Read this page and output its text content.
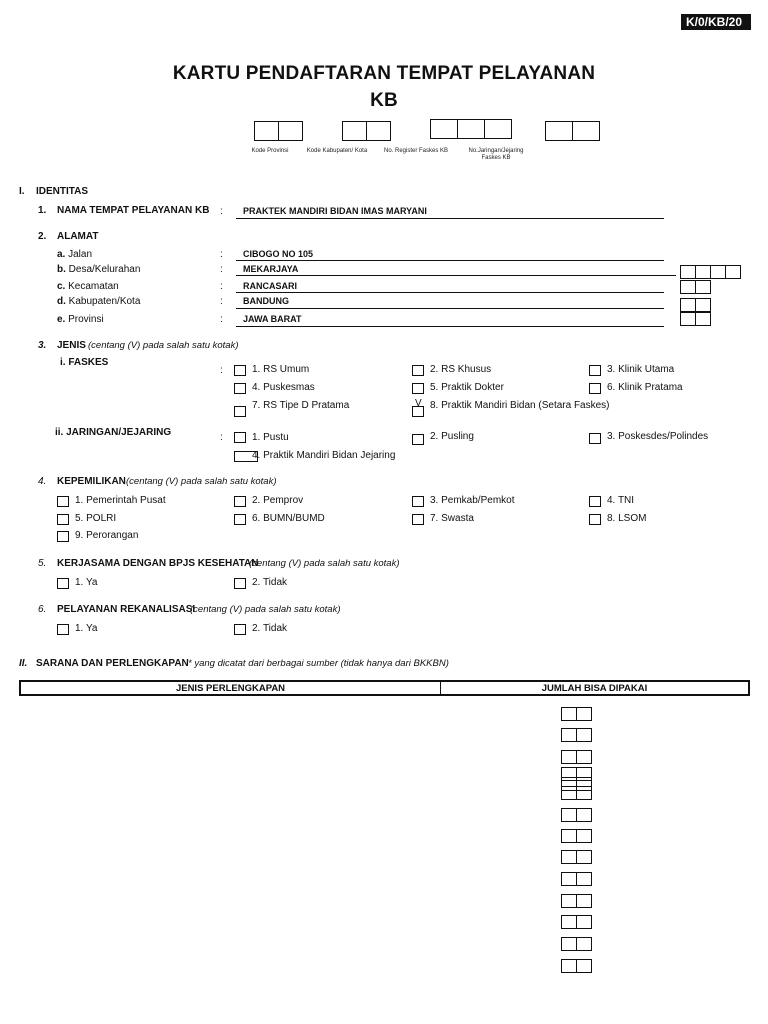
K/0/KB/20
KARTU PENDAFTARAN TEMPAT PELAYANAN
KB
Kode Provinsi	Kode Kabupaten/ Kota	No. Register Faskes KB	No.Jaringan/Jejaring Faskes KB
I. IDENTITAS
1. NAMA TEMPAT PELAYANAN KB : PRAKTEK MANDIRI BIDAN IMAS MARYANI
2. ALAMAT
a. Jalan	: CIBOGO NO 105
b. Desa/Kelurahan	: MEKARJAYA
c. Kecamatan	: RANCASARI
d. Kabupaten/Kota	: BANDUNG
e. Provinsi	: JAWA BARAT
3. JENIS (centang (V) pada salah satu kotak)
i. FASKES
:	1. RS Umum	2. RS Khusus	3. Klinik Utama
4. Puskesmas	5. Praktik Dokter	6. Klinik Pratama
7. RS Tipe D Pratama	V 8. Praktik Mandiri Bidan (Setara Faskes)
ii. JARINGAN/JEJARING	:	1. Pustu	2. Pusling	3. Poskesdes/Polindes
4. Praktik Mandiri Bidan Jejaring
4. KEPEMILIKAN (centang (V) pada salah satu kotak)
1. Pemerintah Pusat	2. Pemprov	3. Pemkab/Pemkot	4. TNI
5. POLRI	6. BUMN/BUMD	7. Swasta	8. LSOM
9. Perorangan
5. KERJASAMA DENGAN BPJS KESEHATAN
(centang (V) pada salah satu kotak)
1. Ya	2. Tidak
6. PELAYANAN REKANALISASI
(centang (V) pada salah satu kotak)
1. Ya	2. Tidak
II. SARANA DAN PERLENGKAPAN * yang dicatat dari berbagai sumber (tidak hanya dari BKKBN)
JENIS PERLENGKAPAN	JUMLAH BISA DIPAKAI
